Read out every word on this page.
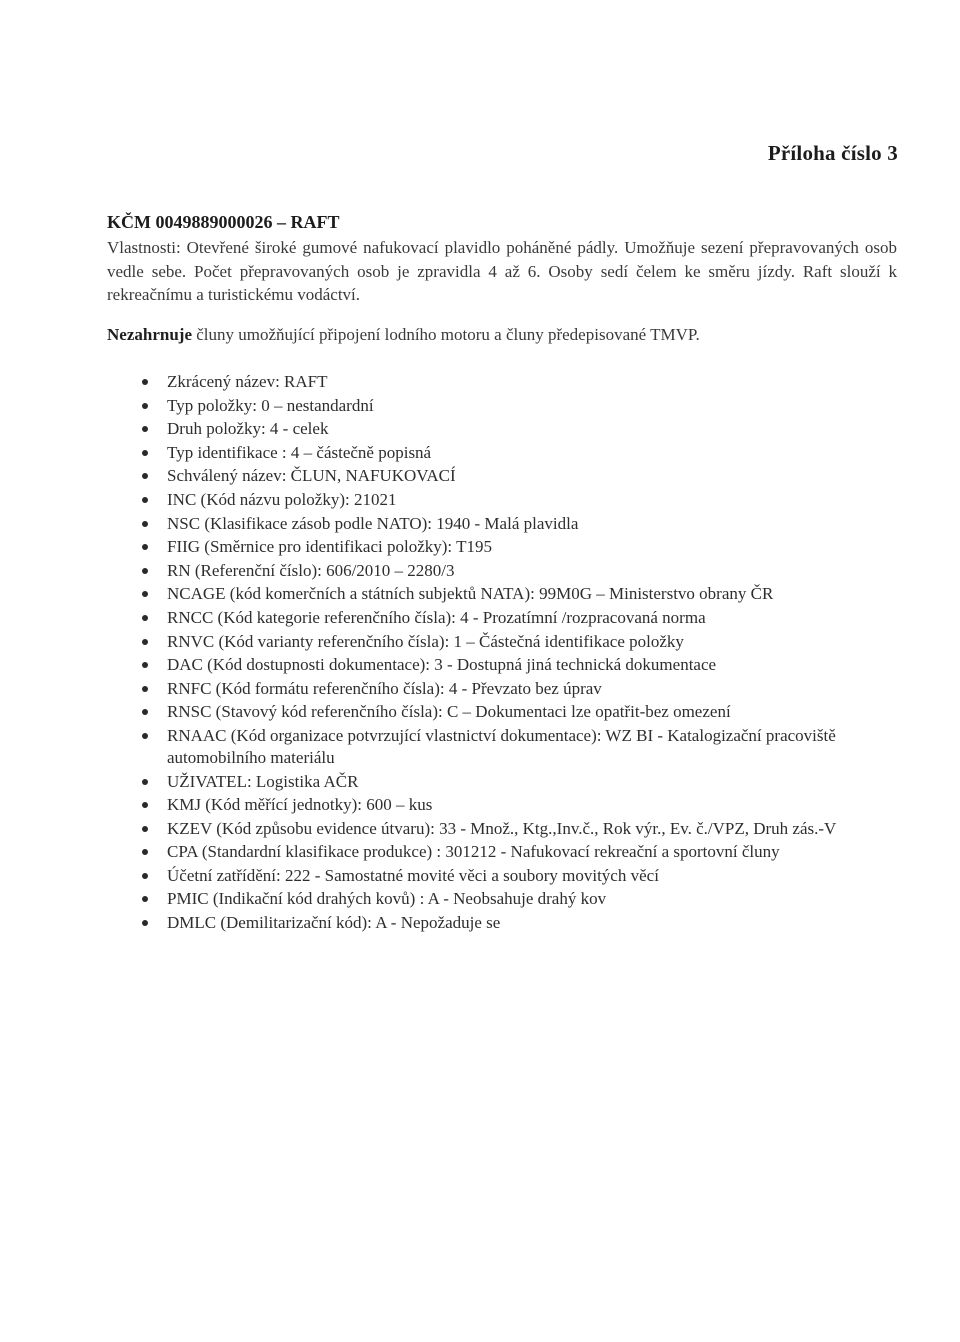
Příloha číslo 3
KČM 0049889000026 – RAFT

Vlastnosti: Otevřené široké gumové nafukovací plavidlo poháněné pádly. Umožňuje sezení přepravovaných osob vedle sebe. Počet přepravovaných osob je zpravidla 4 až 6. Osoby sedí čelem ke směru jízdy. Raft slouží k rekreačnímu a turistickému vodáctví.

Nezahrnuje čluny umožňující připojení lodního motoru a čluny předepisované TMVP.

Zkrácený název: RAFT
Typ položky: 0 – nestandardní
Druh položky: 4 - celek
Typ identifikace : 4 – částečně popisná
Schválený název: ČLUN, NAFUKOVACÍ
INC (Kód názvu položky): 21021
NSC (Klasifikace zásob podle NATO): 1940 - Malá plavidla
FIIG (Směrnice pro identifikaci položky): T195
RN (Referenční číslo): 606/2010 – 2280/3
NCAGE (kód komerčních a státních subjektů NATA): 99M0G – Ministerstvo obrany ČR
RNCC (Kód kategorie referenčního čísla): 4 - Prozatímní /rozpracovaná norma
RNVC (Kód varianty referenčního čísla): 1 – Částečná identifikace položky
DAC (Kód dostupnosti dokumentace): 3 - Dostupná jiná technická dokumentace
RNFC (Kód formátu referenčního čísla): 4 - Převzato bez úprav
RNSC (Stavový kód referenčního čísla): C – Dokumentaci lze opatřit-bez omezení
RNAAC (Kód organizace potvrzující vlastnictví dokumentace): WZ BI - Katalogizační pracoviště automobilního materiálu
UŽIVATEL: Logistika AČR
KMJ (Kód měřící jednotky): 600 – kus
KZEV (Kód způsobu evidence útvaru): 33 - Množ., Ktg.,Inv.č., Rok výr., Ev. č./VPZ, Druh zás.-V
CPA (Standardní klasifikace produkce) : 301212 - Nafukovací rekreační a sportovní čluny
Účetní zatřídění: 222 - Samostatné movité věci a soubory movitých věcí
PMIC (Indikační kód drahých kovů) : A - Neobsahuje drahý kov
DMLC (Demilitarizační kód): A - Nepožaduje se
